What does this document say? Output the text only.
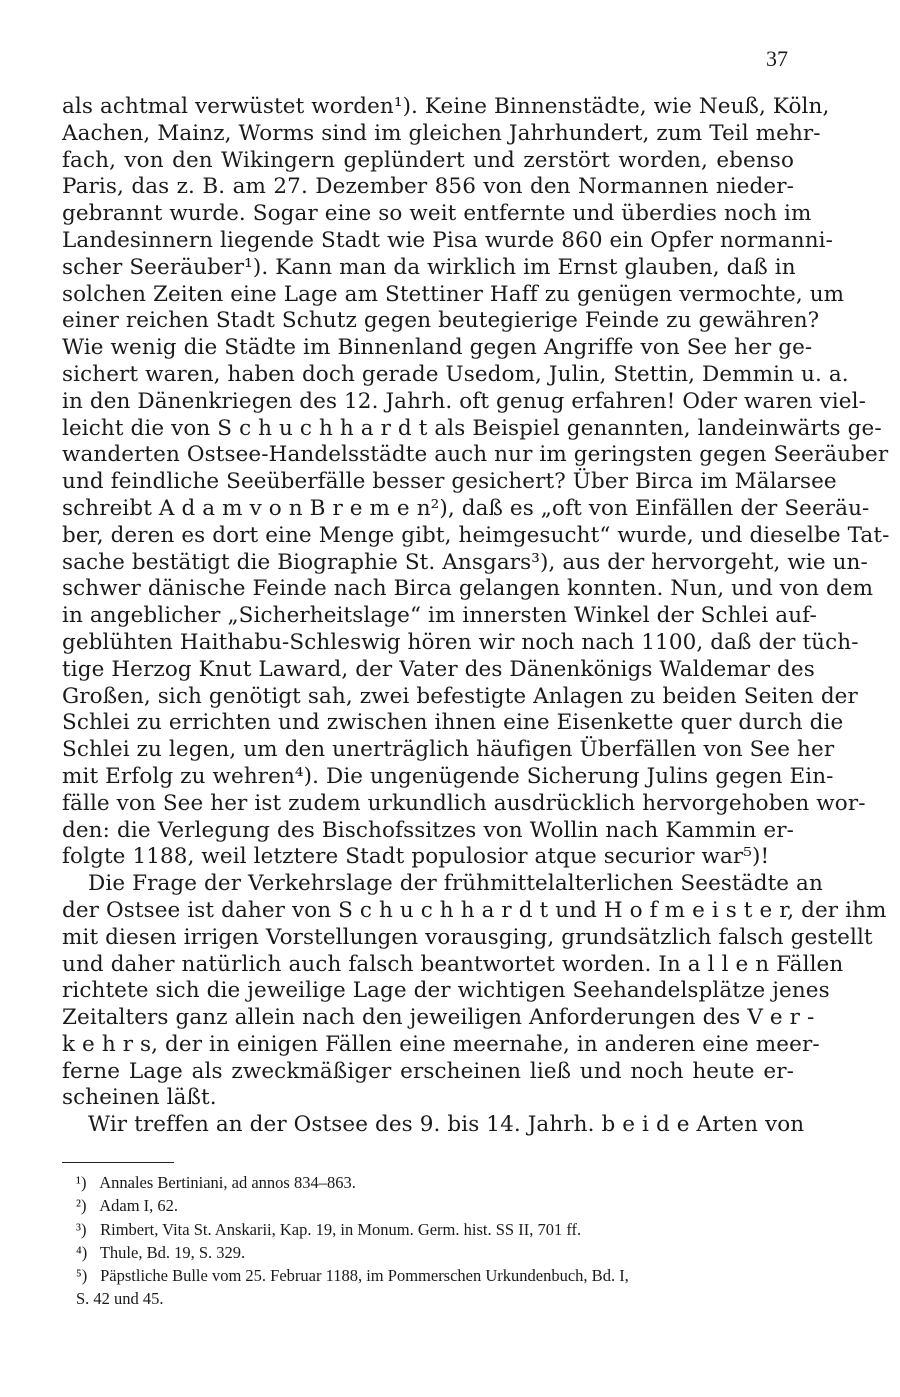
37
als achtmal verwüstet worden¹). Keine Binnenstädte, wie Neuß, Köln,
Aachen, Mainz, Worms sind im gleichen Jahrhundert, zum Teil mehr-
fach, von den Wikingern geplündert und zerstört worden, ebenso
Paris, das z. B. am 27. Dezember 856 von den Normannen nieder-
gebrannt wurde. Sogar eine so weit entfernte und überdies noch im
Landesinnern liegende Stadt wie Pisa wurde 860 ein Opfer normanni-
scher Seeräuber¹). Kann man da wirklich im Ernst glauben, daß in
solchen Zeiten eine Lage am Stettiner Haff zu genügen vermochte, um
einer reichen Stadt Schutz gegen beutegierige Feinde zu gewähren?
Wie wenig die Städte im Binnenland gegen Angriffe von See her ge-
sichert waren, haben doch gerade Usedom, Julin, Stettin, Demmin u. a.
in den Dänenkriegen des 12. Jahrh. oft genug erfahren! Oder waren viel-
leicht die von S c h u c h h a r d t als Beispiel genannten, landeinwärts ge-
wanderten Ostsee-Handelsstädte auch nur im geringsten gegen Seeräuber
und feindliche Seeüberfälle besser gesichert? Über Birca im Mälarsee
schreibt A d a m v o n B r e m e n²), daß es „oft von Einfällen der Seeräu-
ber, deren es dort eine Menge gibt, heimgesucht“ wurde, und dieselbe Tat-
sache bestätigt die Biographie St. Ansgars³), aus der hervorgeht, wie un-
schwer dänische Feinde nach Birca gelangen konnten. Nun, und von dem
in angeblicher „Sicherheitslage“ im innersten Winkel der Schlei auf-
geblühten Haithabu-Schleswig hören wir noch nach 1100, daß der tüch-
tige Herzog Knut Laward, der Vater des Dänenkönigs Waldemar des
Großen, sich genötigt sah, zwei befestigte Anlagen zu beiden Seiten der
Schlei zu errichten und zwischen ihnen eine Eisenkette quer durch die
Schlei zu legen, um den unerträglich häufigen Überfällen von See her
mit Erfolg zu wehren⁴). Die ungenügende Sicherung Julins gegen Ein-
fälle von See her ist zudem urkundlich ausdrücklich hervorgehoben wor-
den: die Verlegung des Bischofssitzes von Wollin nach Kammin er-
folgte 1188, weil letztere Stadt populosior atque securior war⁵)!
Die Frage der Verkehrslage der frühmittelalterlichen Seestädte an
der Ostsee ist daher von S c h u c h h a r d t und H o f m e i s t e r, der ihm
mit diesen irrigen Vorstellungen vorausging, grundsätzlich falsch gestellt
und daher natürlich auch falsch beantwortet worden. In a l l e n Fällen
richtete sich die jeweilige Lage der wichtigen Seehandelsplätze jenes
Zeitalters ganz allein nach den jeweiligen Anforderungen des V e r -
k e h r s, der in einigen Fällen eine meernahe, in anderen eine meer-
ferne Lage als zweckmäßiger erscheinen ließ und noch heute er-
scheinen läßt.
Wir treffen an der Ostsee des 9. bis 14. Jahrh. b e i d e Arten von
¹) Annales Bertiniani, ad annos 834–863.
²) Adam I, 62.
³) Rimbert, Vita St. Anskarii, Kap. 19, in Monum. Germ. hist. SS II, 701 ff.
⁴) Thule, Bd. 19, S. 329.
⁵) Päpstliche Bulle vom 25. Februar 1188, im Pommerschen Urkundenbuch, Bd. I,
S. 42 und 45.
